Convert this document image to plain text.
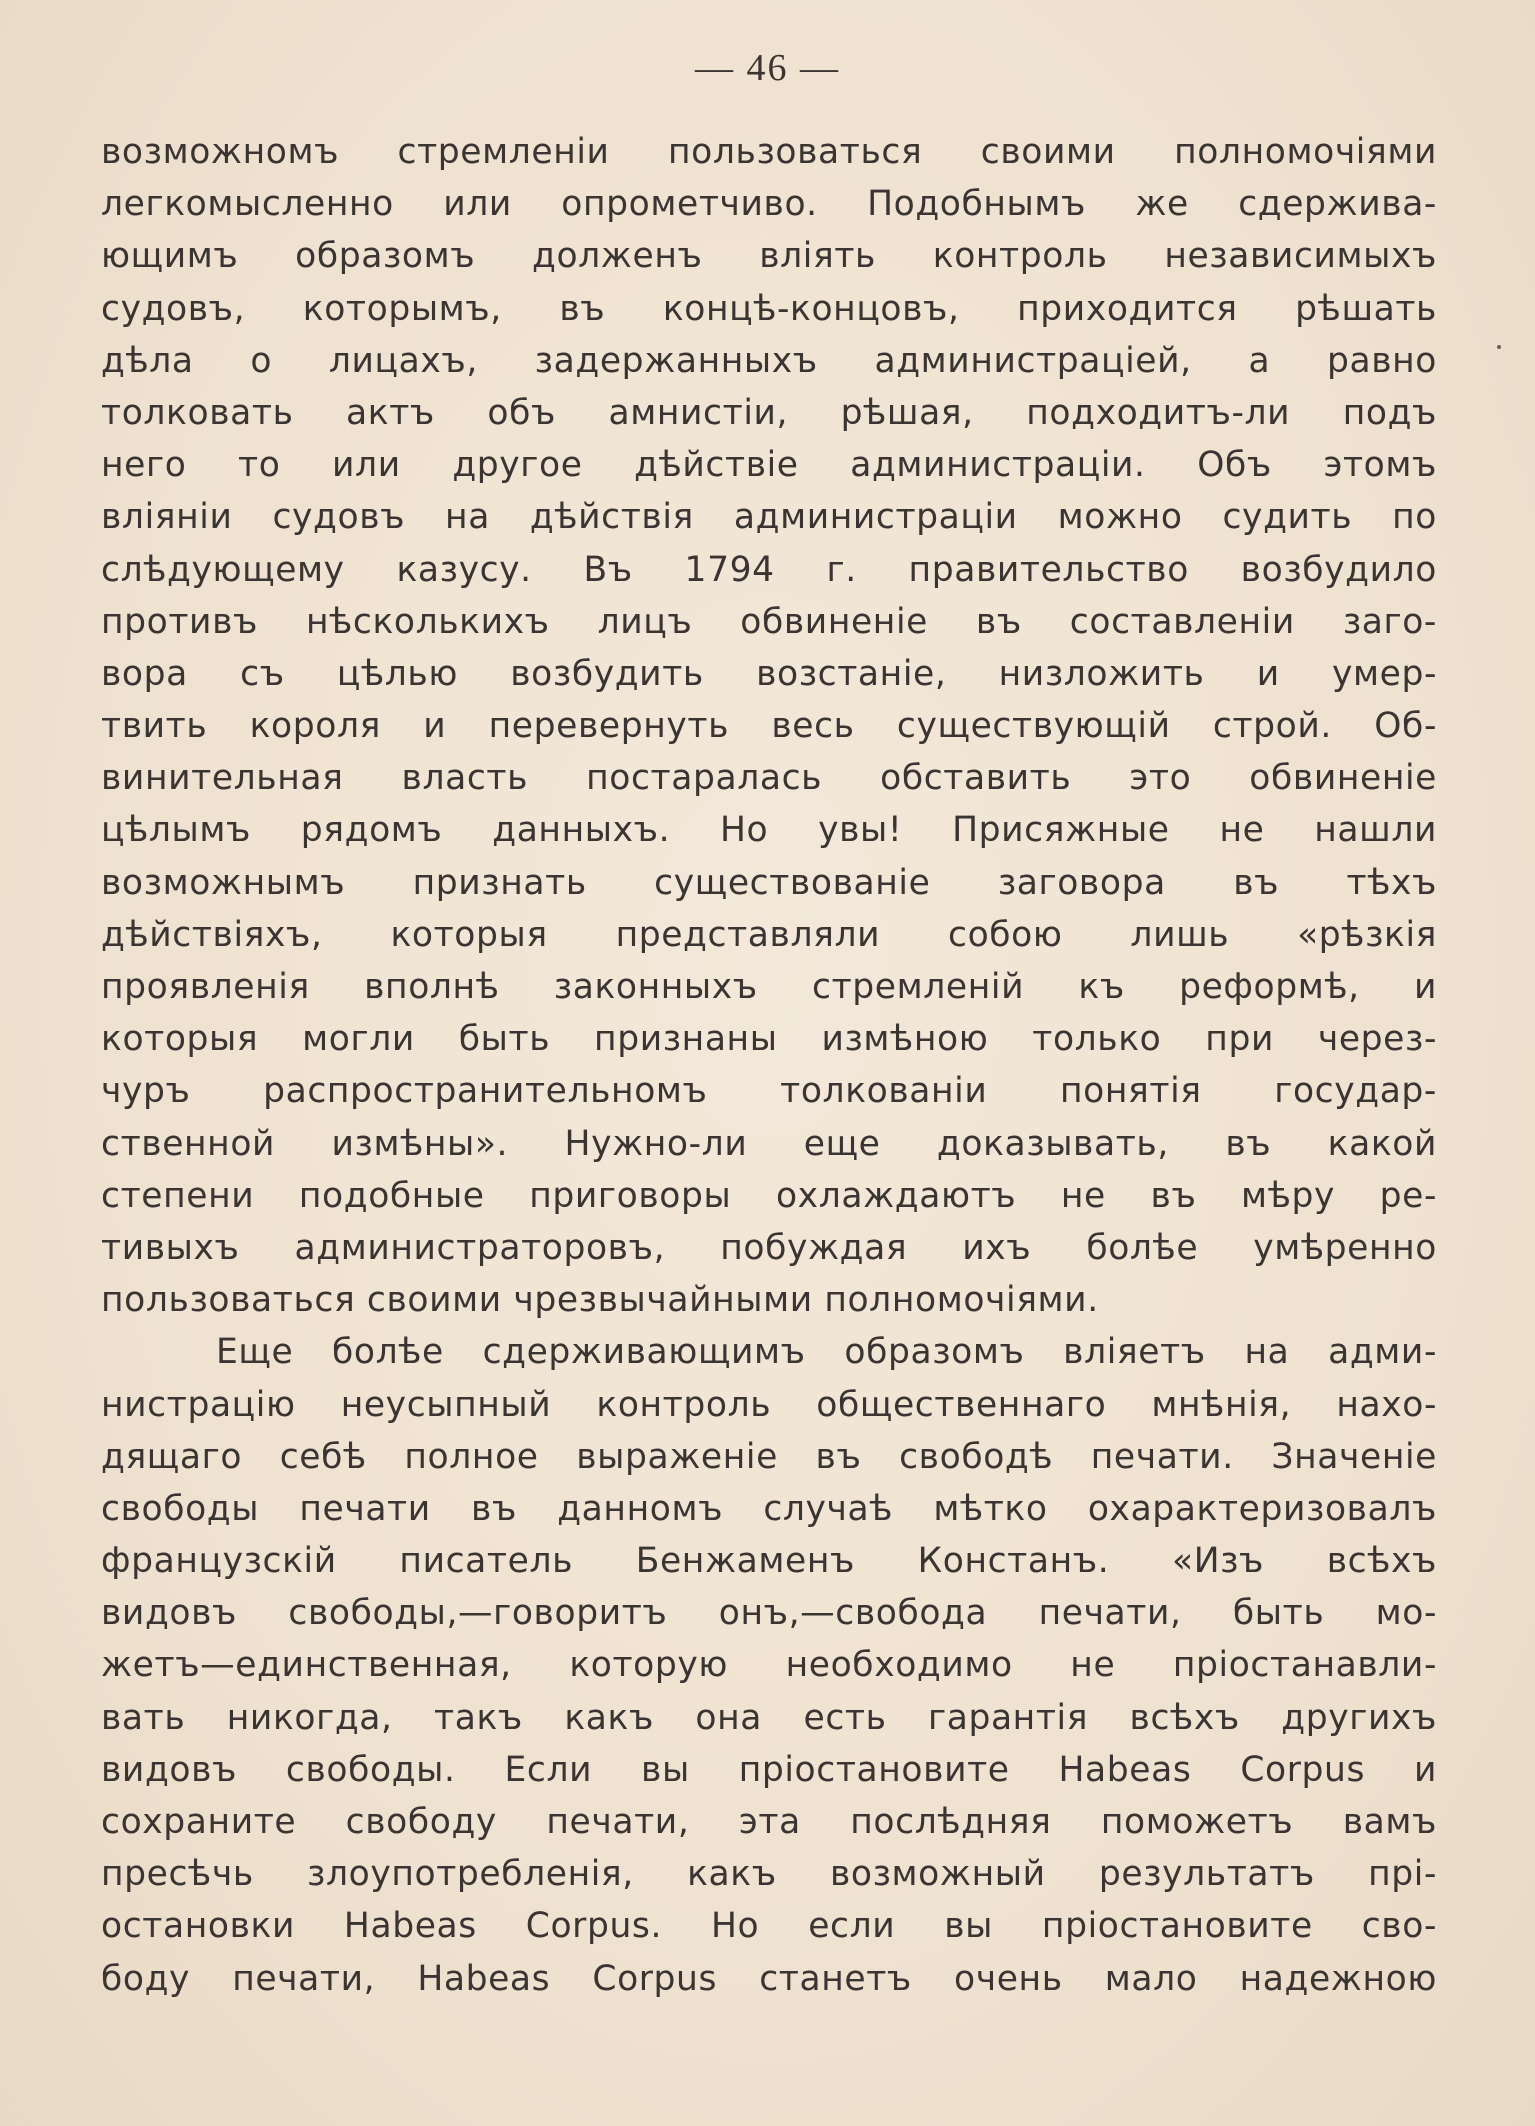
— 46 —
возможномъ стремленіи пользоваться своими полномочіями
легкомысленно или опрометчиво. Подобнымъ же сдержива-
ющимъ образомъ долженъ вліять контроль независимыхъ
судовъ, которымъ, въ концѣ-концовъ, приходится рѣшать
дѣла о лицахъ, задержанныхъ администраціей, а равно
толковать актъ объ амнистіи, рѣшая, подходитъ-ли подъ
него то или другое дѣйствіе администраціи. Объ этомъ
вліяніи судовъ на дѣйствія администраціи можно судить по
слѣдующему казусу. Въ 1794 г. правительство возбудило
противъ нѣсколькихъ лицъ обвиненіе въ составленіи заго-
вора съ цѣлью возбудить возстаніе, низложить и умер-
твить короля и перевернуть весь существующій строй. Об-
винительная власть постаралась обставить это обвиненіе
цѣлымъ рядомъ данныхъ. Но увы! Присяжные не нашли
возможнымъ признать существованіе заговора въ тѣхъ
дѣйствіяхъ, которыя представляли собою лишь «рѣзкія
проявленія вполнѣ законныхъ стремленій къ реформѣ, и
которыя могли быть признаны измѣною только при через-
чуръ распространительномъ толкованіи понятія государ-
ственной измѣны». Нужно-ли еще доказывать, въ какой
степени подобные приговоры охлаждаютъ не въ мѣру ре-
тивыхъ администраторовъ, побуждая ихъ болѣе умѣренно
пользоваться своими чрезвычайными полномочіями.
Еще болѣе сдерживающимъ образомъ вліяетъ на адми-
нистрацію неусыпный контроль общественнаго мнѣнія, нахо-
дящаго себѣ полное выраженіе въ свободѣ печати. Значеніе
свободы печати въ данномъ случаѣ мѣтко охарактеризовалъ
французскій писатель Бенжаменъ Констанъ. «Изъ всѣхъ
видовъ свободы,—говоритъ онъ,—свобода печати, быть мо-
жетъ—единственная, которую необходимо не пріостанавли-
вать никогда, такъ какъ она есть гарантія всѣхъ другихъ
видовъ свободы. Если вы пріостановите Habeas Corpus и
сохраните свободу печати, эта послѣдняя поможетъ вамъ
пресѣчь злоупотребленія, какъ возможный результатъ прі-
остановки Habeas Corpus. Но если вы пріостановите сво-
боду печати, Habeas Corpus станетъ очень мало надежною
